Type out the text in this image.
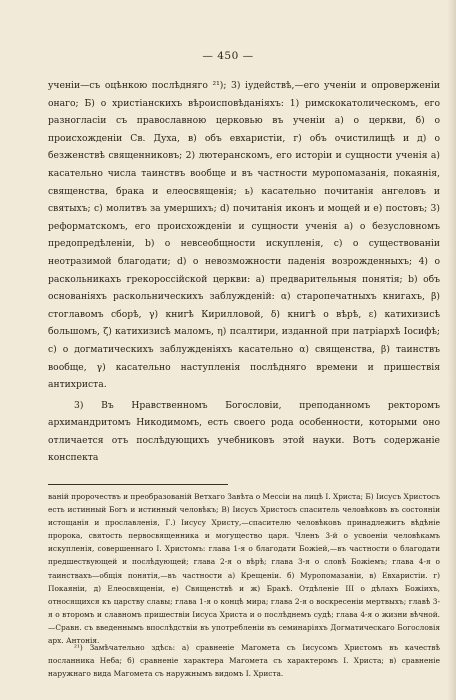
— 450 —

ученіи—съ оцѣнкою послѣдняго ²¹); 3) іудействѣ,—его ученіи и опроверженіи онаго; Б) о христіанскихъ вѣроисповѣданіяхъ: 1) римскокатолическомъ, его разногласіи съ православною церковью въ ученіи а) о церкви, б) о происхожденіи Св. Духа, в) объ евхаристіи, г) объ очистилищѣ и д) о безженствѣ священниковъ; 2) лютеранскомъ, его исторіи и сущности ученія а) касательно числа таинствъ вообще и въ частности муропомазанія, покаянія, священства, брака и елеосвященія; ь) касательно почитанія ангеловъ и святыхъ; с) молитвъ за умершихъ; d) почитанія иконъ и мощей и е) постовъ; 3) реформатскомъ, его происхожденіи и сущности ученія а) о безусловномъ предопредѣленіи, b) о невсеобщности искупленія, с) о существованіи неотразимой благодати; d) о невозможности паденія возрожденныхъ; 4) о раскольникахъ грекороссійской церкви: а) предварительныя понятія; b) объ основаніяхъ раскольническихъ заблужденій: α) старопечатныхъ книгахъ, β) стоглавомъ сборѣ, γ) книгѣ Кирилловой, δ) книгѣ о вѣрѣ, ε) катихизисѣ большомъ, ζ) катихизисѣ маломъ, η) псалтири, изданной при патріархѣ Іосифѣ; с) о догматическихъ заблужденіяхъ касательно α) священства, β) таинствъ вообще, γ) касательно наступленія послѣдняго времени и пришествія антихриста.

3) Въ Нравственномъ Богословіи, преподанномъ ректоромъ архимандритомъ Никодимомъ, есть своего рода особенности, которыми оно отличается отъ послѣдующихъ учебниковъ этой науки. Вотъ содержаніе конспекта

ваній пророчествъ и преобразованій Ветхаго Завѣта о Мессіи на лицѣ І. Христа; Б) Іисусъ Христосъ есть истинный Богъ и истинный человѣкъ; В) Іисусъ Христосъ спаситель человѣковъ въ состояніи истощанія и прославленія, Г.) Іисусу Христу,—спасителю человѣковъ принадлежитъ вѣдѣніе пророка, святость первосвященника и могущество царя. Членъ 3-й о усвоеніи человѣкамъ искупленія, совершеннаго І. Христомъ: глава 1-я о благодати Божіей,—въ частности о благодати предшествующей и послѣдующей; глава 2-я о вѣрѣ; глава 3-я о словѣ Божіемъ; глава 4-я о таинствахъ—общія понятія,—въ частности а) Крещеніи. б) Муропомазаніи, в) Евхаристіи. г) Покаяніи, д) Елеосвященіи, е) Священствѣ и ж) Бракѣ. Отдѣленіе III о дѣлахъ Божіихъ, относящихся къ царству славы; глава 1-я о концѣ мира; глава 2-я о воскресеніи мертвыхъ; главѣ 3-я о второмъ и славномъ пришествіи Іисуса Христа и о послѣднемъ судѣ; глава 4-я о жизни вѣчной.—Сравн. съ введеннымъ впослѣдствіи въ употребленіи въ семинаріяхъ Догматическаго Богословія арх. Антонія.
²¹) Замѣчательно здѣсь: а) сравненіе Магомета съ Іисусомъ Христомъ въ качествѣ посланника Неба; б) сравненіе характера Магомета съ характеромъ І. Христа; в) сравненіе наружнаго вида Магомета съ наружнымъ видомъ І. Христа.
